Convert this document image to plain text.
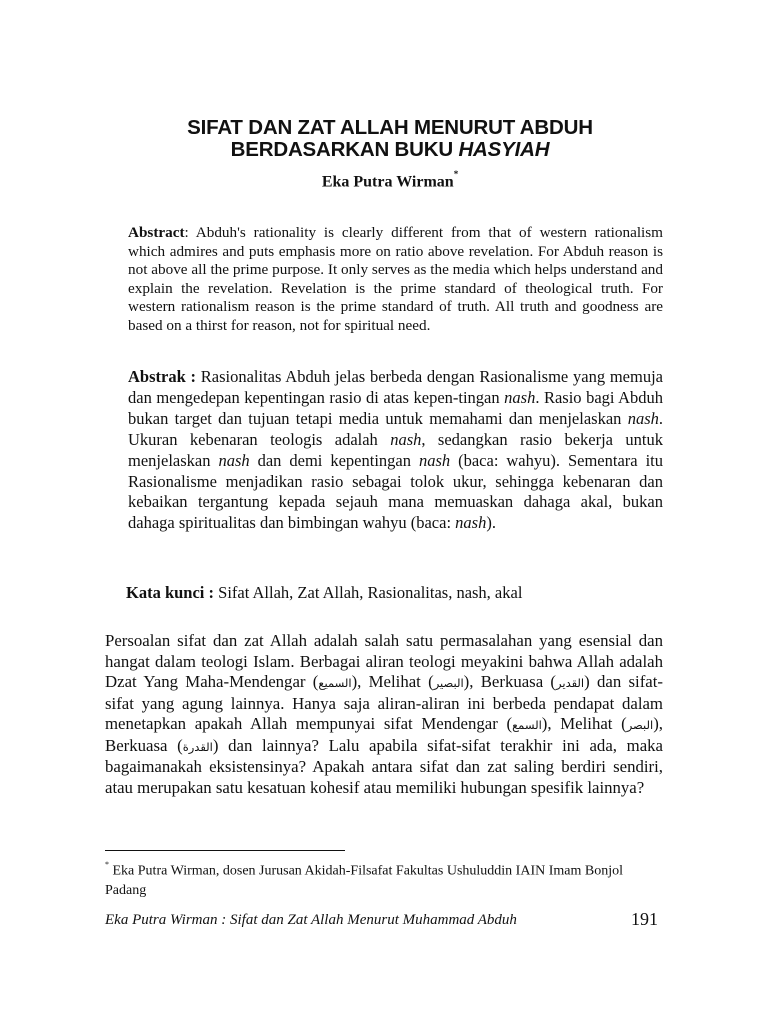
SIFAT DAN ZAT ALLAH MENURUT ABDUH
BERDASARKAN BUKU HASYIAH
Eka Putra Wirman*
Abstract: Abduh's rationality is clearly different from that of western rationalism which admires and puts emphasis more on ratio above revelation. For Abduh reason is not above all the prime purpose. It only serves as the media which helps understand and explain the revelation. Revelation is the prime standard of theological truth. For western rationalism reason is the prime standard of truth. All truth and goodness are based on a thirst for reason, not for spiritual need.
Abstrak : Rasionalitas Abduh jelas berbeda dengan Rasionalisme yang memuja dan mengedepan kepentingan rasio di atas kepen-tingan nash. Rasio bagi Abduh bukan target dan tujuan tetapi media untuk memahami dan menjelaskan nash. Ukuran kebenaran teologis adalah nash, sedangkan rasio bekerja untuk menjelaskan nash dan demi kepentingan nash (baca: wahyu). Sementara itu Rasionalisme menjadikan rasio sebagai tolok ukur, sehingga kebenaran dan kebaikan tergantung kepada sejauh mana memuaskan dahaga akal, bukan dahaga spiritualitas dan bimbingan wahyu (baca: nash).
Kata kunci : Sifat Allah, Zat Allah, Rasionalitas, nash, akal
Persoalan sifat dan zat Allah adalah salah satu permasalahan yang esensial dan hangat dalam teologi Islam. Berbagai aliran teologi meyakini bahwa Allah adalah Dzat Yang Maha-Mendengar (السميع), Melihat (البصير), Berkuasa (القدير) dan sifat-sifat yang agung lainnya. Hanya saja aliran-aliran ini berbeda pendapat dalam menetapkan apakah Allah mempunyai sifat Mendengar (السمع), Melihat (البصر), Berkuasa (القدرة) dan lainnya? Lalu apabila sifat-sifat terakhir ini ada, maka bagaimanakah eksistensinya? Apakah antara sifat dan zat saling berdiri sendiri, atau merupakan satu kesatuan kohesif atau memiliki hubungan spesifik lainnya?
* Eka Putra Wirman, dosen Jurusan Akidah-Filsafat Fakultas Ushuluddin IAIN Imam Bonjol Padang
Eka Putra Wirman : Sifat dan Zat Allah Menurut Muhammad Abduh	191
